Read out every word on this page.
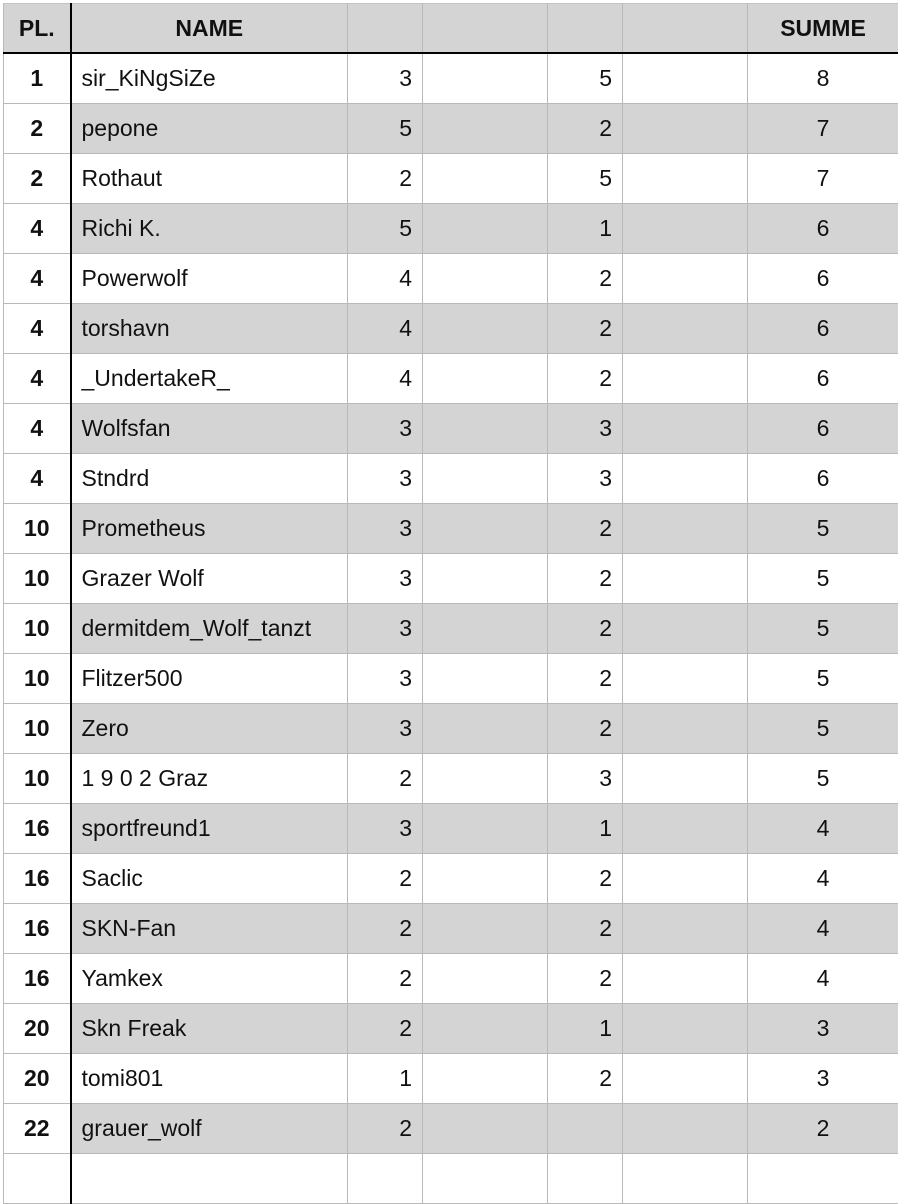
PL.	NAME					SUMME
1	sir_KiNgSiZe	3		5		8
2	pepone	5		2		7
2	Rothaut	2		5		7
4	Richi K.	5		1		6
4	Powerwolf	4		2		6
4	torshavn	4		2		6
4	_UndertakeR_	4		2		6
4	Wolfsfan	3		3		6
4	Stndrd	3		3		6
10	Prometheus	3		2		5
10	Grazer Wolf	3		2		5
10	dermitdem_Wolf_tanzt	3		2		5
10	Flitzer500	3		2		5
10	Zero	3		2		5
10	1 9 0 2 Graz	2		3		5
16	sportfreund1	3		1		4
16	Saclic	2		2		4
16	SKN-Fan	2		2		4
16	Yamkex	2		2		4
20	Skn Freak	2		1		3
20	tomi801	1		2		3
22	grauer_wolf	2				2
